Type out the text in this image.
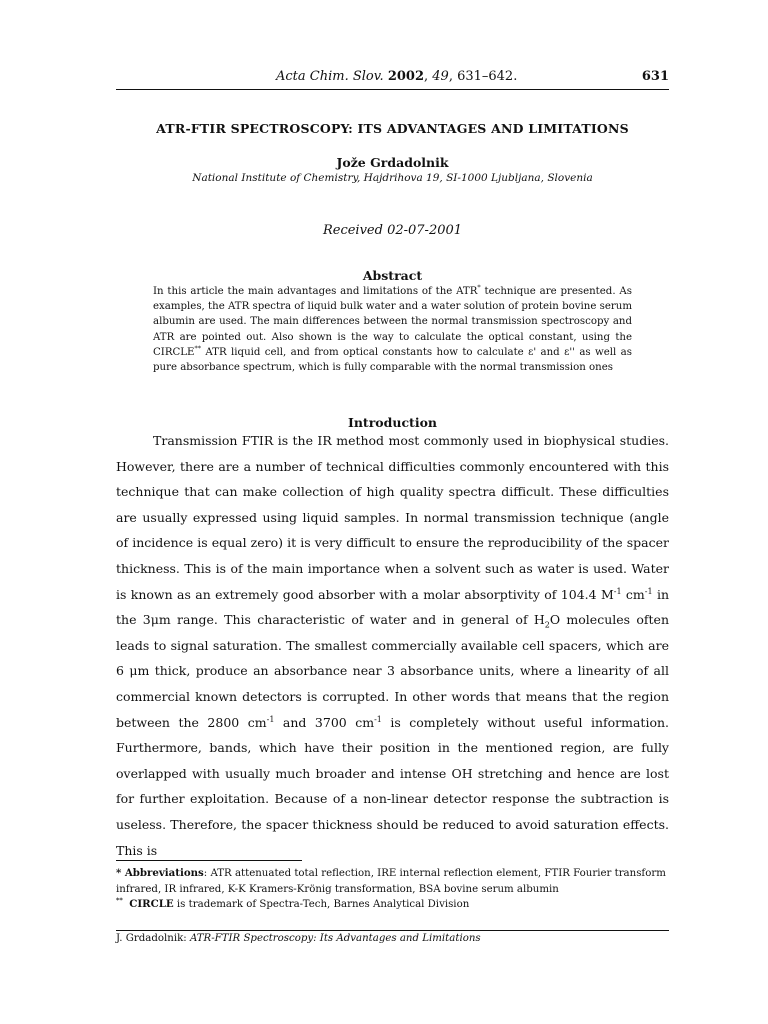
Acta Chim. Slov. 2002, 49, 631–642.	631
ATR-FTIR SPECTROSCOPY: ITS ADVANTAGES AND LIMITATIONS
Jože Grdadolnik
National Institute of Chemistry, Hajdrihova 19, SI-1000 Ljubljana, Slovenia
Received 02-07-2001
Abstract
In this article the main advantages and limitations of the ATR* technique are presented. As examples, the ATR spectra of liquid bulk water and a water solution of protein bovine serum albumin are used. The main differences between the normal transmission spectroscopy and ATR are pointed out. Also shown is the way to calculate the optical constant, using the CIRCLE** ATR liquid cell, and from optical constants how to calculate ε' and ε'' as well as pure absorbance spectrum, which is fully comparable with the normal transmission ones
Introduction
Transmission FTIR is the IR method most commonly used in biophysical studies. However, there are a number of technical difficulties commonly encountered with this technique that can make collection of high quality spectra difficult. These difficulties are usually expressed using liquid samples. In normal transmission technique (angle of incidence is equal zero) it is very difficult to ensure the reproducibility of the spacer thickness. This is of the main importance when a solvent such as water is used. Water is known as an extremely good absorber with a molar absorptivity of 104.4 $M^{-1}$ $cm^{-1}$ in the 3μm range. This characteristic of water and in general of $H_2O$ molecules often leads to signal saturation. The smallest commercially available cell spacers, which are 6 μm thick, produce an absorbance near 3 absorbance units, where a linearity of all commercial known detectors is corrupted. In other words that means that the region between the 2800 $cm^{-1}$ and 3700 $cm^{-1}$ is completely without useful information. Furthermore, bands, which have their position in the mentioned region, are fully overlapped with usually much broader and intense OH stretching and hence are lost for further exploitation. Because of a non-linear detector response the subtraction is useless. Therefore, the spacer thickness should be reduced to avoid saturation effects. This is
* Abbreviations: ATR attenuated total reflection, IRE internal reflection element, FTIR Fourier transform infrared, IR infrared, K-K Kramers-Krönig transformation, BSA bovine serum albumin
** CIRCLE is trademark of Spectra-Tech, Barnes Analytical Division
J. Grdadolnik: ATR-FTIR Spectroscopy: Its Advantages and Limitations
